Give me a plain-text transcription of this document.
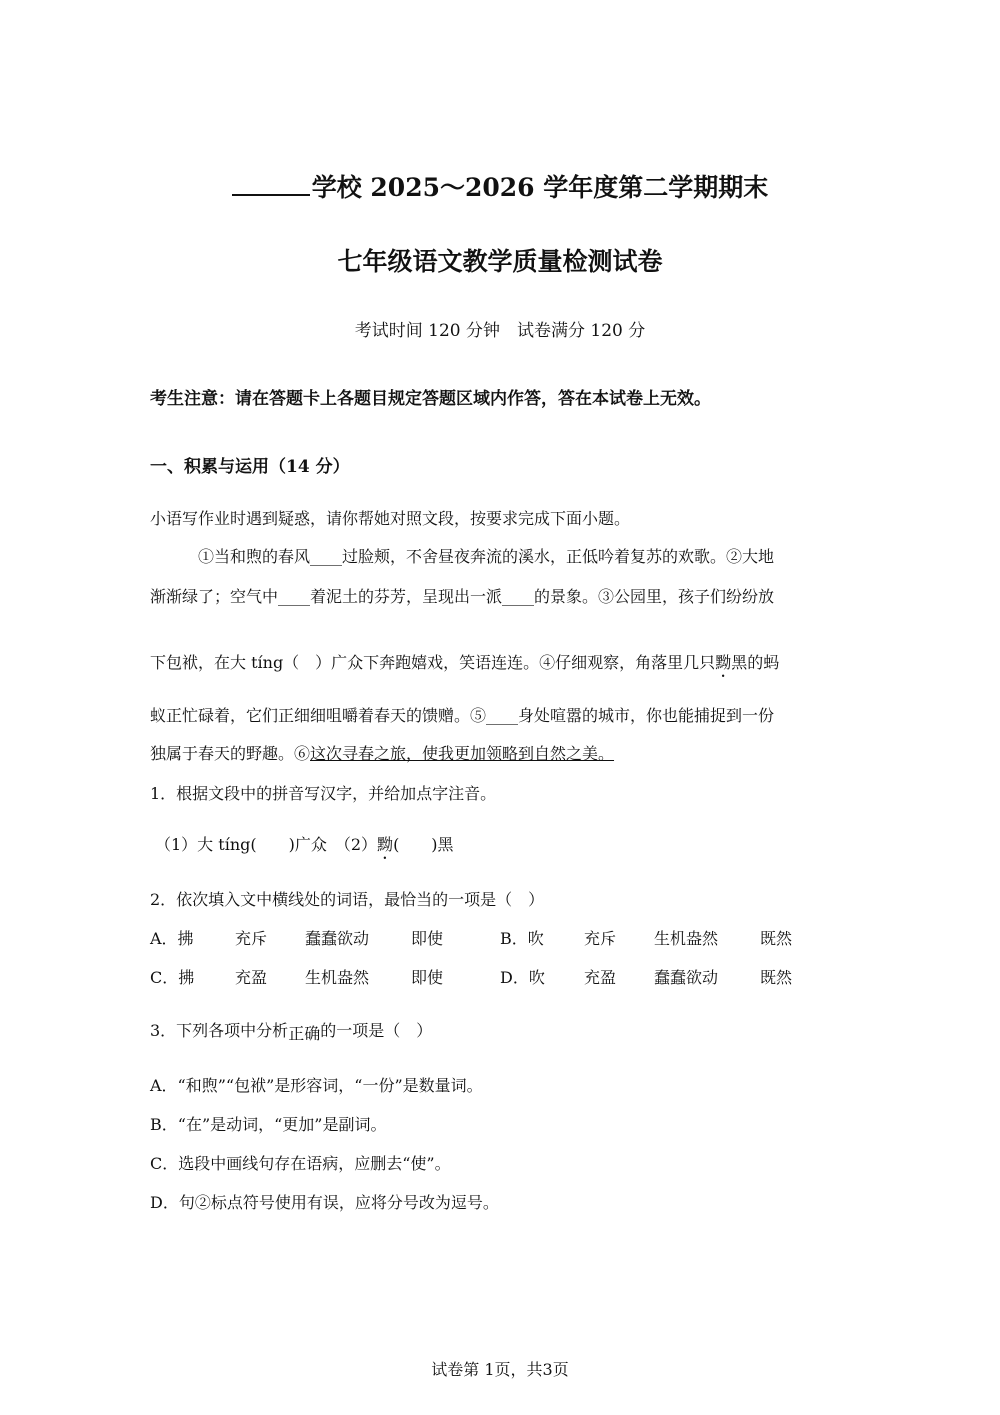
学校 2025～2026 学年度第二学期期末
七年级语文教学质量检测试卷
考试时间 120 分钟  试卷满分 120 分
考生注意：请在答题卡上各题目规定答题区域内作答，答在本试卷上无效。
一、积累与运用（14 分）
小语写作业时遇到疑惑，请你帮她对照文段，按要求完成下面小题。
①当和煦的春风____过脸颊，不舍昼夜奔流的溪水，正低吟着复苏的欢歌。②大地
渐渐绿了；空气中____着泥土的芬芳，呈现出一派____的景象。③公园里，孩子们纷纷放
下包袱，在大 tíng（　）广众下奔跑嬉戏，笑语连连。④仔细观察，角落里几只黝黑的蚂
蚁正忙碌着，它们正细细咀嚼着春天的馈赠。⑤____身处喧嚣的城市，你也能捕捉到一份
独属于春天的野趣。⑥这次寻春之旅，使我更加领略到自然之美。
1．根据文段中的拼音写汉字，并给加点字注音。
（1）大 tíng(　　)广众  （2）黝(　　)黑
2．依次填入文中横线处的词语，最恰当的一项是（　）
A．拂	充斥 蠢蠢欲动	即使	B．吹	充斥 生机盎然	既然
C．拂	充盈 生机盎然	即使	D．吹 充盈 蠢蠢欲动	既然
3．下列各项中分析正确的一项是（　）
A．“和煦”“包袱”是形容词，“一份”是数量词。
B．“在”是动词，“更加”是副词。
C．选段中画线句存在语病，应删去“使”。
D．句②标点符号使用有误，应将分号改为逗号。
试卷第 1页，共3页
